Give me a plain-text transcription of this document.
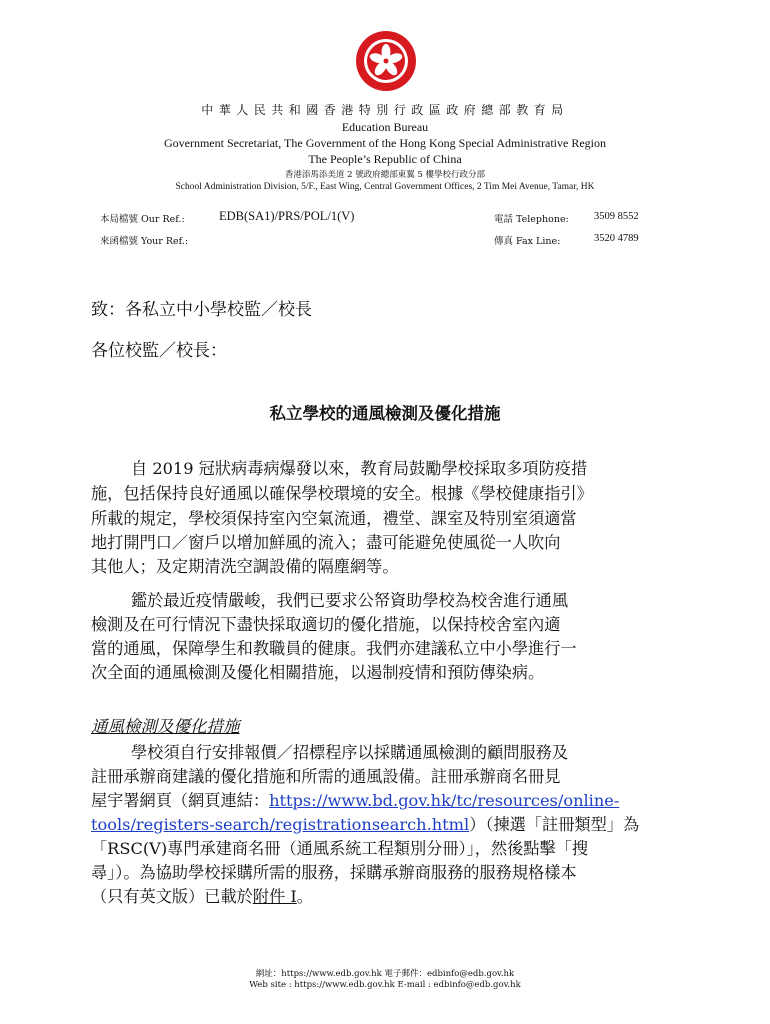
中華人民共和國香港特別行政區政府總部教育局
Education Bureau
Government Secretariat, The Government of the Hong Kong Special Administrative Region
The People’s Republic of China
香港添馬添美道 2 號政府總部東翼 5 樓學校行政分部
School Administration Division, 5/F., East Wing, Central Government Offices, 2 Tim Mei Avenue, Tamar, HK
本局檔號 Our Ref.:	EDB(SA1)/PRS/POL/1(V)
來函檔號 Your Ref.:
電話 Telephone: 3509 8552
傳真 Fax Line:	3520 4789
致：各私立中小學校監／校長
各位校監／校長：
私立學校的通風檢測及優化措施
自 2019 冠狀病毒病爆發以來，教育局鼓勵學校採取多項防疫措
施，包括保持良好通風以確保學校環境的安全。根據《學校健康指引》
所載的規定，學校須保持室內空氣流通，禮堂、課室及特別室須適當
地打開門口／窗戶以增加鮮風的流入；盡可能避免使風從一人吹向
其他人；及定期清洗空調設備的隔塵網等。
鑑於最近疫情嚴峻，我們已要求公帑資助學校為校舍進行通風
檢測及在可行情況下盡快採取適切的優化措施，以保持校舍室內適
當的通風，保障學生和教職員的健康。我們亦建議私立中小學進行一
次全面的通風檢測及優化相關措施，以遏制疫情和預防傳染病。
通風檢測及優化措施
學校須自行安排報價／招標程序以採購通風檢測的顧問服務及
註冊承辦商建議的優化措施和所需的通風設備。註冊承辦商名冊見
屋宇署網頁（網頁連結：https://www.bd.gov.hk/tc/resources/online-
tools/registers-search/registrationsearch.html）（揀選「註冊類型」為
「RSC(V)專門承建商名冊（通風系統工程類別分冊）」，然後點擊「搜
尋」）。為協助學校採購所需的服務，採購承辦商服務的服務規格樣本
（只有英文版）已載於附件 I。
網址：https://www.edb.gov.hk 電子郵件：edbinfo@edb.gov.hk
Web site : https://www.edb.gov.hk E-mail : edbinfo@edb.gov.hk
